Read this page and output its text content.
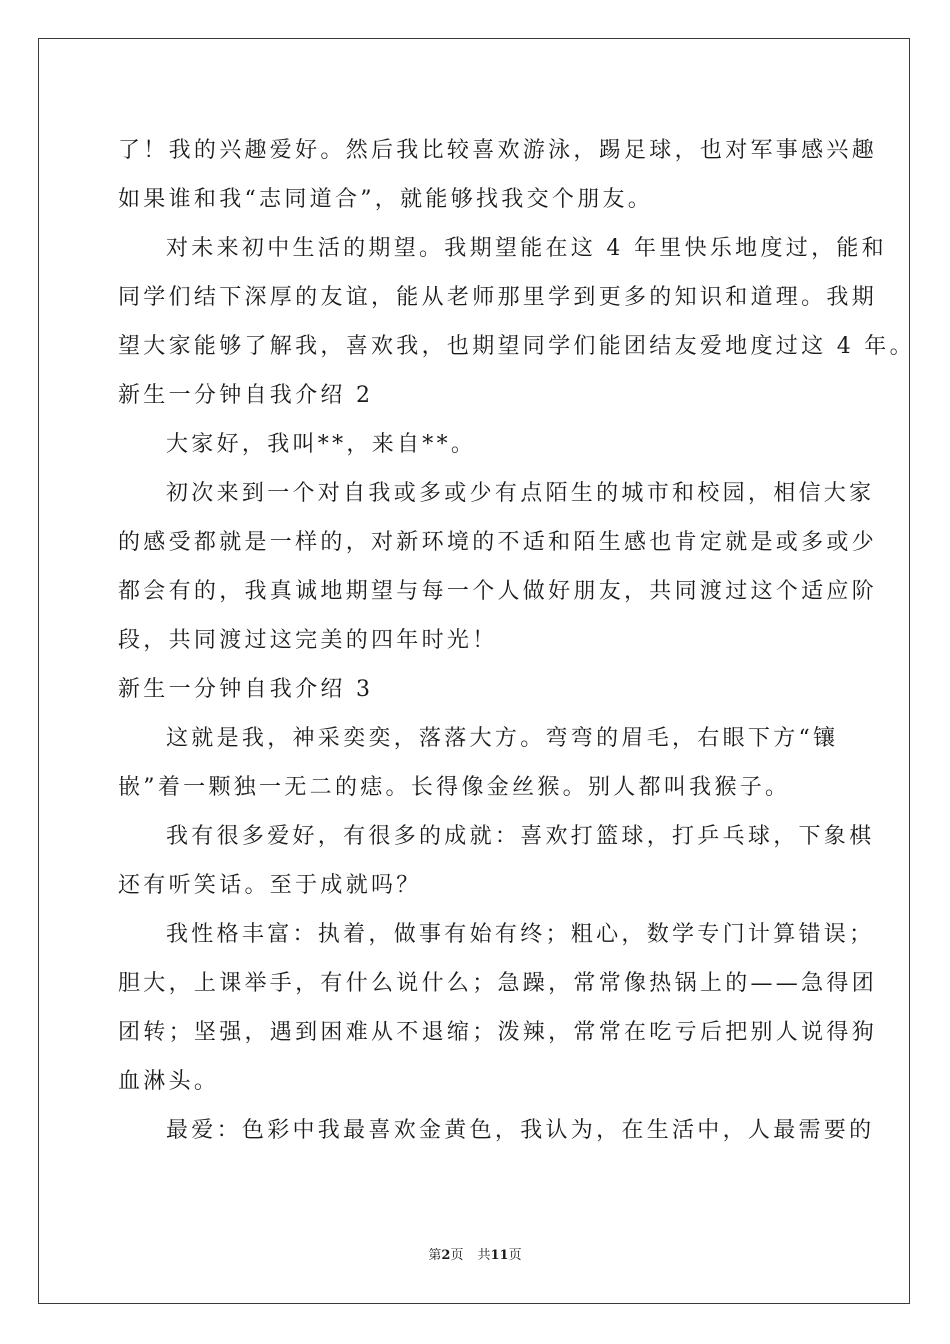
了！我的兴趣爱好。然后我比较喜欢游泳，踢足球，也对军事感兴趣
如果谁和我“志同道合”，就能够找我交个朋友。
对未来初中生活的期望。我期望能在这 4 年里快乐地度过，能和
同学们结下深厚的友谊，能从老师那里学到更多的知识和道理。我期
望大家能够了解我，喜欢我，也期望同学们能团结友爱地度过这 4 年。
新生一分钟自我介绍 2
大家好，我叫**，来自**。
初次来到一个对自我或多或少有点陌生的城市和校园，相信大家
的感受都就是一样的，对新环境的不适和陌生感也肯定就是或多或少
都会有的，我真诚地期望与每一个人做好朋友，共同渡过这个适应阶
段，共同渡过这完美的四年时光！
新生一分钟自我介绍 3
这就是我，神采奕奕，落落大方。弯弯的眉毛，右眼下方“镶
嵌”着一颗独一无二的痣。长得像金丝猴。别人都叫我猴子。
我有很多爱好，有很多的成就：喜欢打篮球，打乒乓球，下象棋
还有听笑话。至于成就吗？
我性格丰富：执着，做事有始有终；粗心，数学专门计算错误；
胆大，上课举手，有什么说什么；急躁，常常像热锅上的——急得团
团转；坚强，遇到困难从不退缩；泼辣，常常在吃亏后把别人说得狗
血淋头。
最爱：色彩中我最喜欢金黄色，我认为，在生活中，人最需要的
第2页 共11页
